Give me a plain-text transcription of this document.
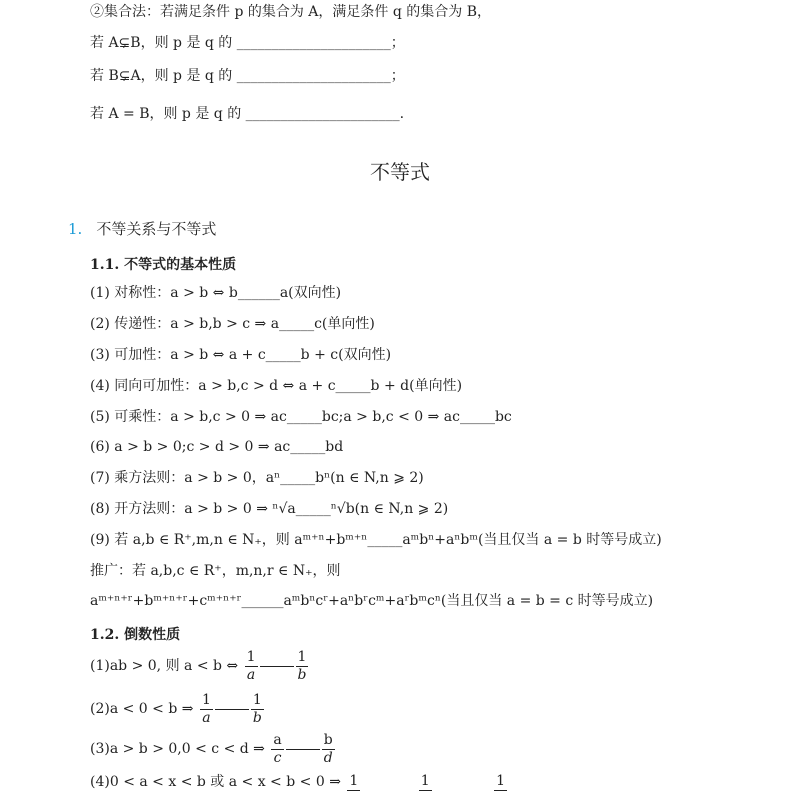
②集合法：若满足条件 p 的集合为 A，满足条件 q 的集合为 B，
若 A⊊B，则 p 是 q 的 ______________________；
若 B⊊A，则 p 是 q 的 ______________________；
若 A = B，则 p 是 q 的 ______________________.
不等式
1. 不等关系与不等式
1.1. 不等式的基本性质
(1) 对称性：a > b ⇔ b______a(双向性)
(2) 传递性：a > b,b > c ⇒ a_____c(单向性)
(3) 可加性：a > b ⇔ a + c_____b + c(双向性)
(4) 同向可加性：a > b,c > d ⇔ a + c_____b + d(单向性)
(5) 可乘性：a > b,c > 0 ⇒ ac_____bc;a > b,c < 0 ⇒ ac_____bc
(6) a > b > 0;c > d > 0 ⇒ ac_____bd
(7) 乘方法则：a > b > 0，aⁿ_____bⁿ(n ∈ N,n ⩾ 2)
(8) 开方法则：a > b > 0 ⇒ ⁿ√a_____ⁿ√b(n ∈ N,n ⩾ 2)
(9) 若 a,b ∈ R⁺,m,n ∈ N₊，则 aᵐ⁺ⁿ+bᵐ⁺ⁿ_____aᵐbⁿ+aⁿbᵐ(当且仅当 a = b 时等号成立)
推广：若 a,b,c ∈ R⁺，m,n,r ∈ N₊，则
aᵐ⁺ⁿ⁺ʳ+bᵐ⁺ⁿ⁺ʳ+cᵐ⁺ⁿ⁺ʳ______aᵐbⁿcʳ+aⁿbʳcᵐ+aʳbᵐcⁿ(当且仅当 a = b = c 时等号成立)
1.2. 倒数性质
(1)ab > 0, 则 a < b ⇔ $\frac{1}{a}$	$\frac{1}{b}$
(2)a < 0 < b ⇒ $\frac{1}{a}$	$\frac{1}{b}$
(3)a > b > 0,0 < c < d ⇒ $\frac{a}{c}$	$\frac{b}{d}$
(4)0 < a < x < b 或 a < x < b < 0 ⇒ 1
	1
	1
